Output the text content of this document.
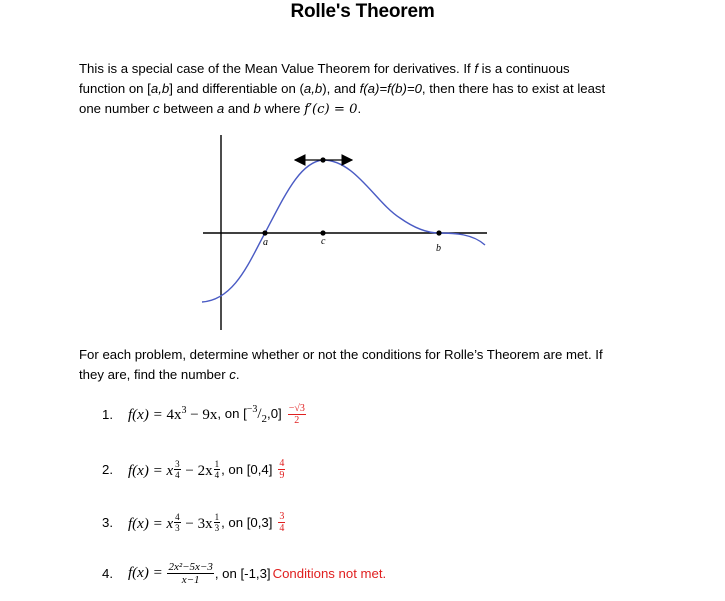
Rolle's Theorem
This is a special case of the Mean Value Theorem for derivatives. If f is a continuous function on [a,b] and differentiable on (a,b), and f(a)=f(b)=0, then there has to exist at least one number c between a and b where f′(c) = 0.
a	c
b
For each problem, determine whether or not the conditions for Rolle’s Theorem are met. If they are, find the number c.
1.	$f(x) = 4x^3 - 9x$ , on $[^{-3}/_2,0] \frac{-√3}{2}$
2.	f(x) = x $\frac{3}{4} - 2x \frac{1}{4}$ , on $[0,4] \frac{4}{9}$
3.	f(x) = x $\frac{4}{3} - 3x \frac{1}{3}$ , on $[0,3] \frac{3}{4}$
4.	$f(x) = \frac{\text{2x²−5x−3}}{x-1}$ , on [-1,3] Conditions not met.
